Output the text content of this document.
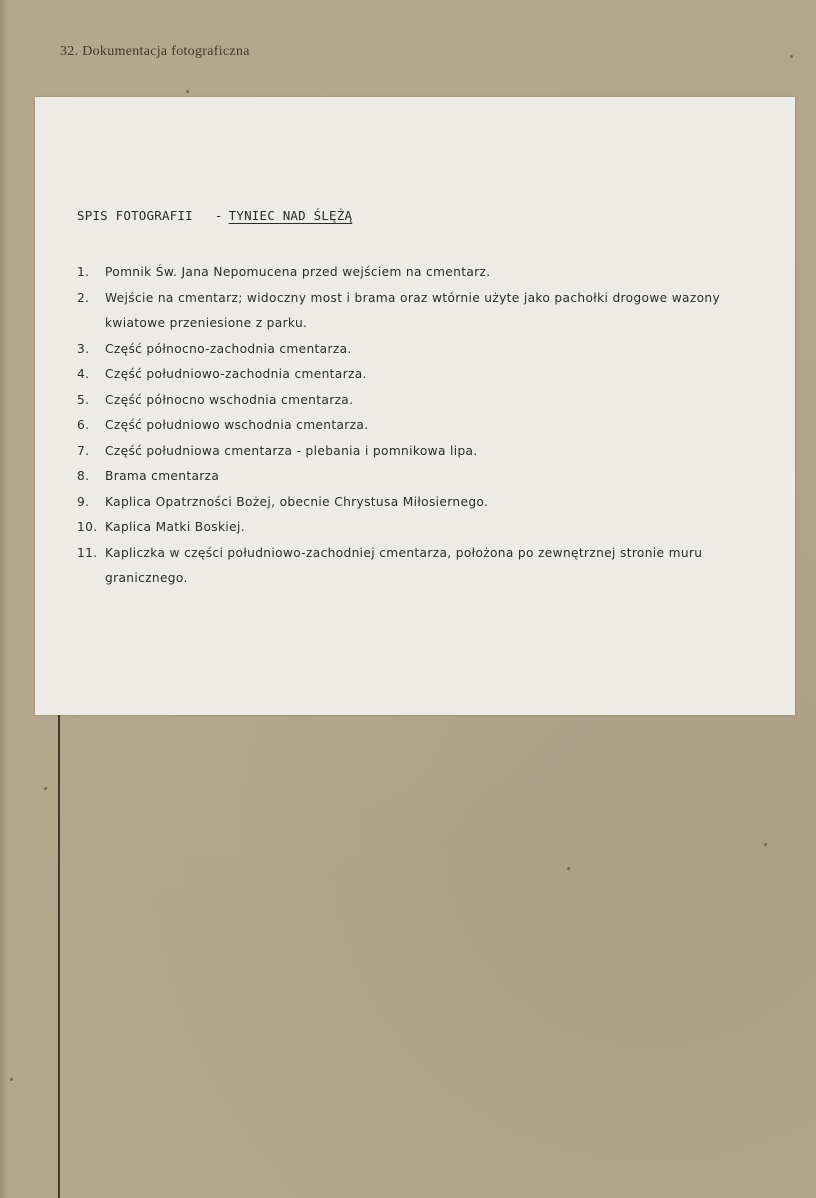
32. Dokumentacja fotograficzna
SPIS FOTOGRAFII - TYNIEC NAD ŚLĘŻĄ
1. Pomnik Św. Jana Nepomucena przed wejściem na cmentarz.
2. Wejście na cmentarz; widoczny most i brama oraz wtórnie użyte jako pachołki drogowe wazony kwiatowe przeniesione z parku.
3. Część północno-zachodnia cmentarza.
4. Część południowo-zachodnia cmentarza.
5. Część północno wschodnia cmentarza.
6. Część południowo wschodnia cmentarza.
7. Część południowa cmentarza - plebania i pomnikowa lipa.
8. Brama cmentarza
9. Kaplica Opatrzności Bożej, obecnie Chrystusa Miłosiernego.
10. Kaplica Matki Boskiej.
11. Kapliczka w części południowo-zachodniej cmentarza, położona po zewnętrznej stronie muru granicznego.
